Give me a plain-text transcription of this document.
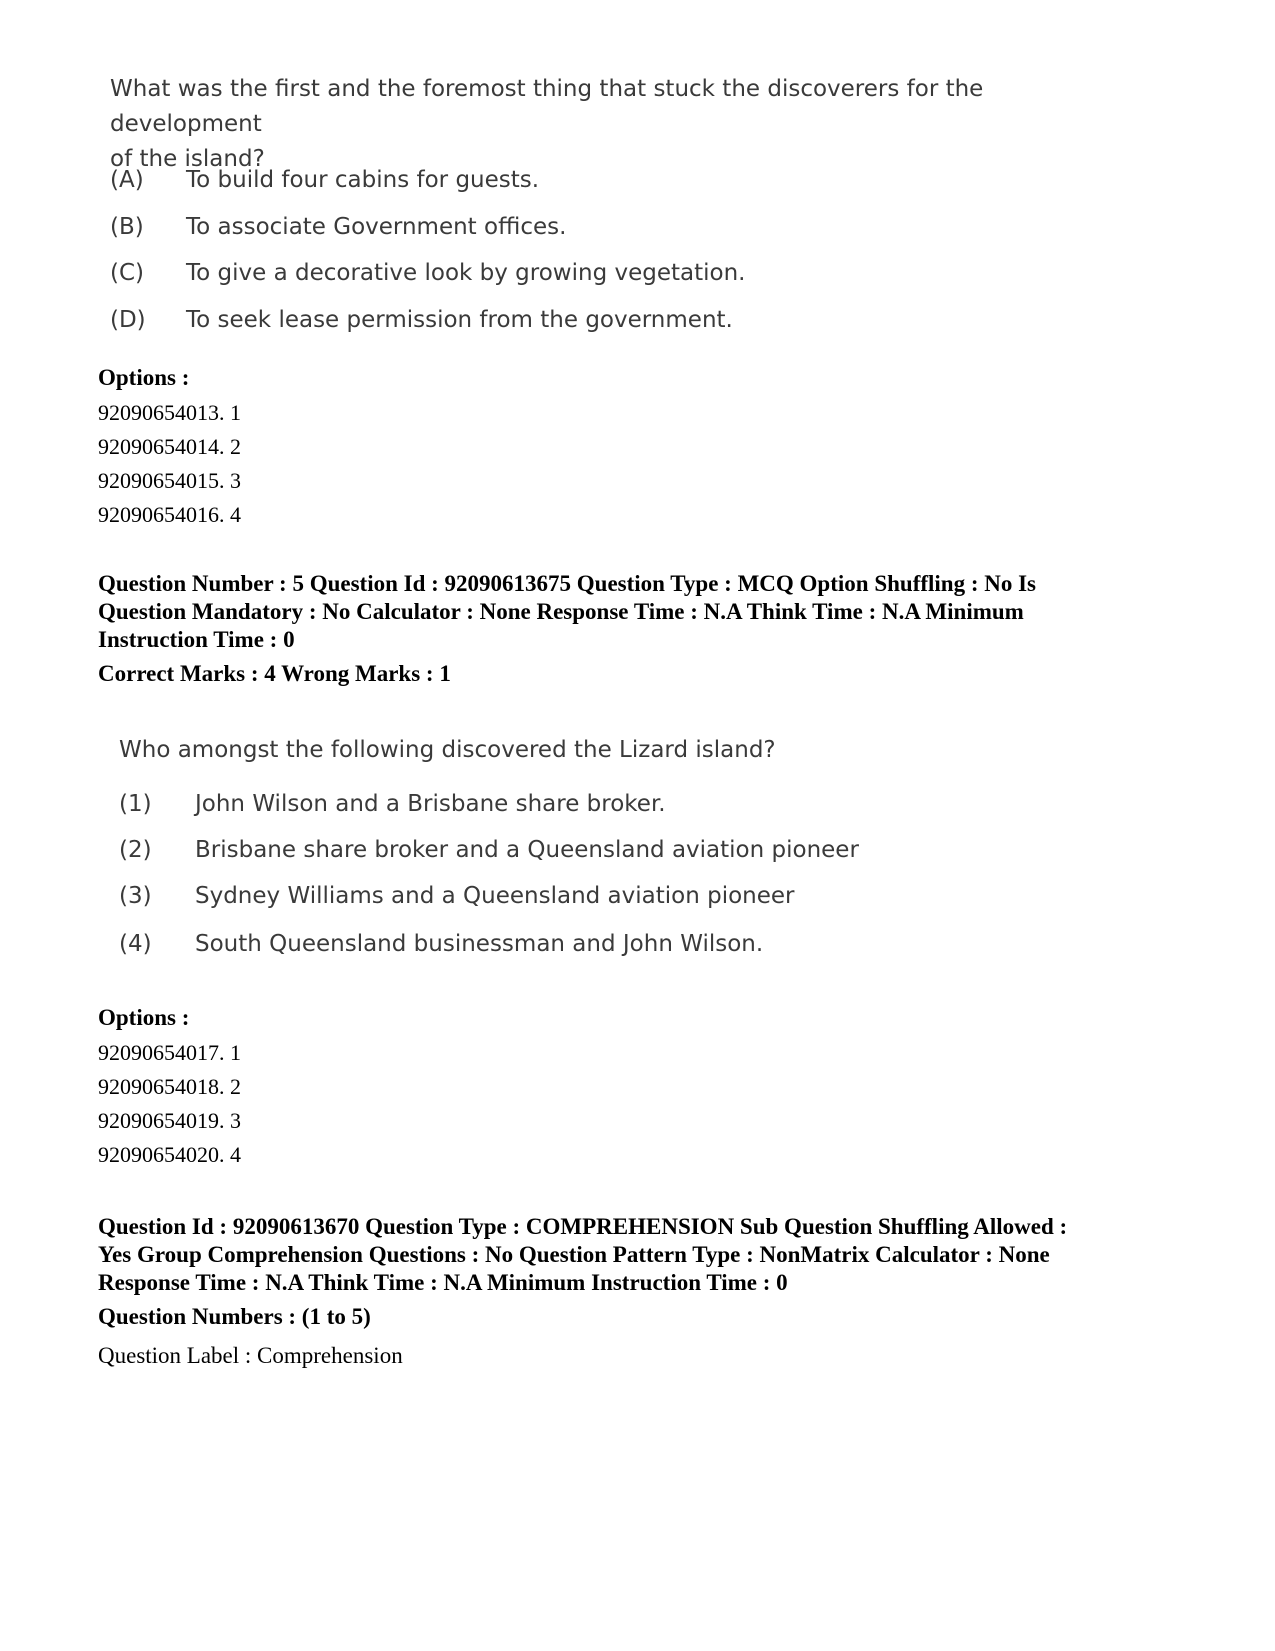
What was the first and the foremost thing that stuck the discoverers for the development
of the island?
(A) To build four cabins for guests.
(B) To associate Government offices.
(C) To give a decorative look by growing vegetation.
(D) To seek lease permission from the government.
Options :
92090654013. 1
92090654014. 2
92090654015. 3
92090654016. 4
Question Number : 5 Question Id : 92090613675 Question Type : MCQ Option Shuffling : No Is
Question Mandatory : No Calculator : None Response Time : N.A Think Time : N.A Minimum
Instruction Time : 0
Correct Marks : 4 Wrong Marks : 1
Who amongst the following discovered the Lizard island?
(1) John Wilson and a Brisbane share broker.
(2) Brisbane share broker and a Queensland aviation pioneer
(3) Sydney Williams and a Queensland aviation pioneer
(4) South Queensland businessman and John Wilson.
Options :
92090654017. 1
92090654018. 2
92090654019. 3
92090654020. 4
Question Id : 92090613670 Question Type : COMPREHENSION Sub Question Shuffling Allowed :
Yes Group Comprehension Questions : No Question Pattern Type : NonMatrix Calculator : None
Response Time : N.A Think Time : N.A Minimum Instruction Time : 0
Question Numbers : (1 to 5)
Question Label : Comprehension
